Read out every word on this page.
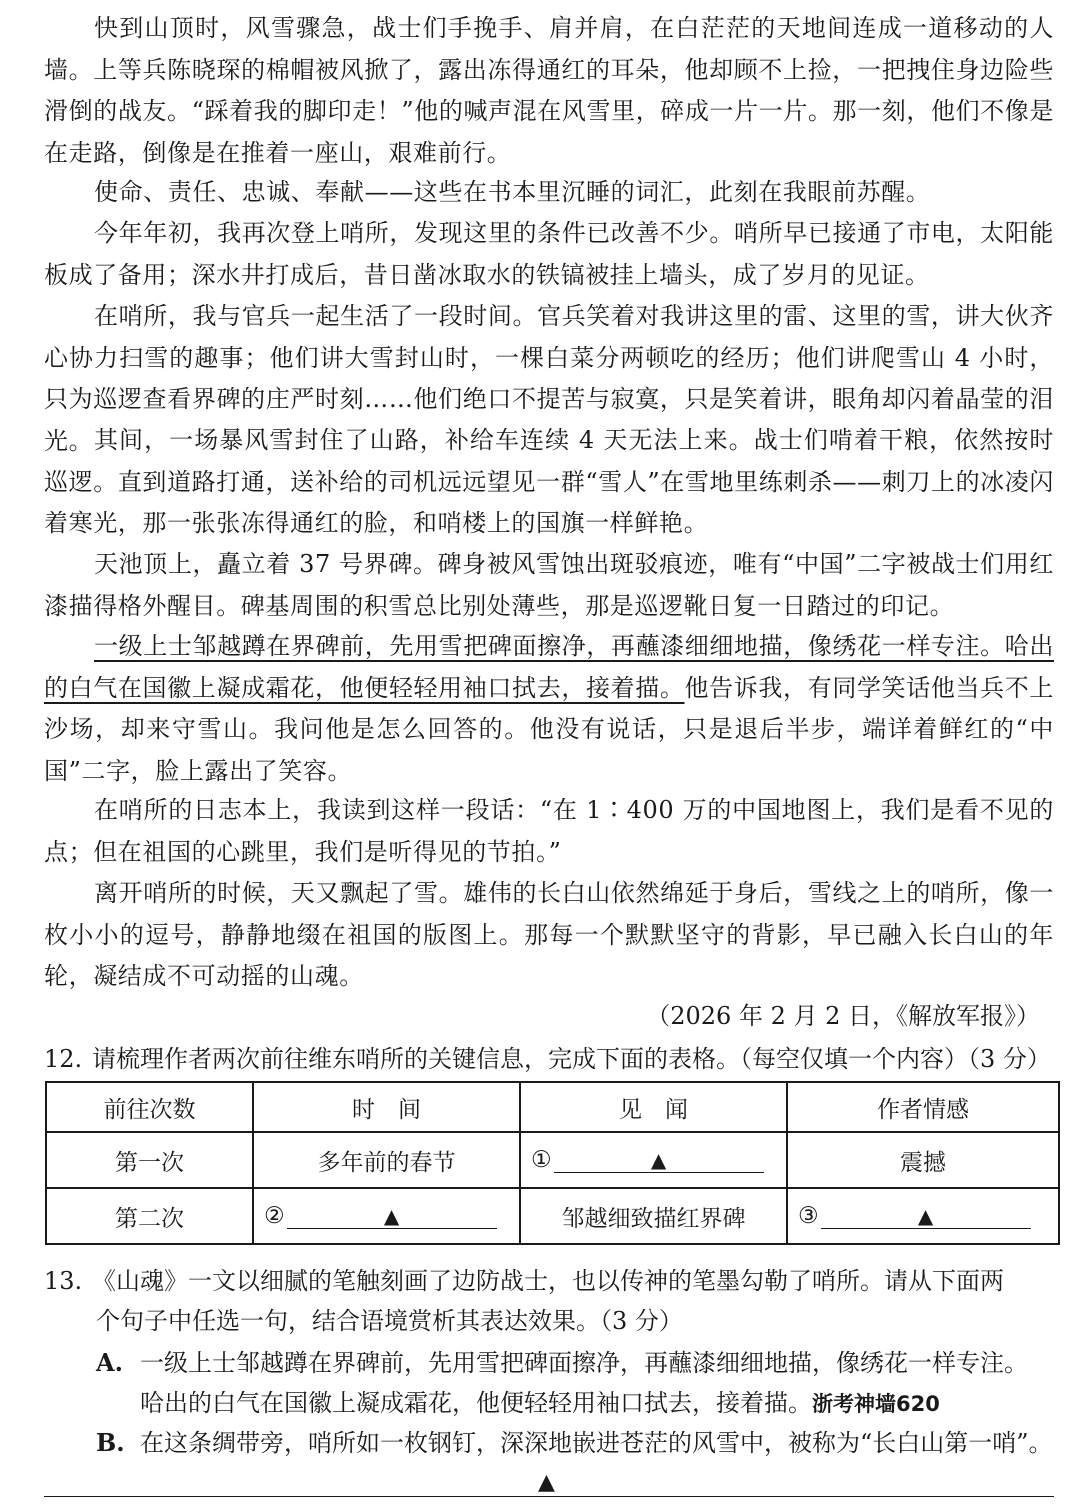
快到山顶时，风雪骤急，战士们手挽手、肩并肩，在白茫茫的天地间连成一道移动的人墙。上等兵陈晓琛的棉帽被风掀了，露出冻得通红的耳朵，他却顾不上捡，一把拽住身边险些滑倒的战友。“踩着我的脚印走！”他的喊声混在风雪里，碎成一片一片。那一刻，他们不像是在走路，倒像是在推着一座山，艰难前行。
使命、责任、忠诚、奉献——这些在书本里沉睡的词汇，此刻在我眼前苏醒。
今年年初，我再次登上哨所，发现这里的条件已改善不少。哨所早已接通了市电，太阳能板成了备用；深水井打成后，昔日凿冰取水的铁镐被挂上墙头，成了岁月的见证。
在哨所，我与官兵一起生活了一段时间。官兵笑着对我讲这里的雷、这里的雪，讲大伙齐心协力扫雪的趣事；他们讲大雪封山时，一棵白菜分两顿吃的经历；他们讲爬雪山 4 小时，只为巡逻查看界碑的庄严时刻……他们绝口不提苦与寂寞，只是笑着讲，眼角却闪着晶莹的泪光。 其间，一场暴风雪封住了山路，补给车连续 4 天无法上来。战士们啃着干粮，依然按时巡逻。直到道路打通，送补给的司机远远望见一群“雪人”在雪地里练刺杀——刺刀上的冰凌闪着寒光，那一张张冻得通红的脸，和哨楼上的国旗一样鲜艳。
天池顶上，矗立着 37 号界碑。碑身被风雪蚀出斑驳痕迹，唯有“中国”二字被战士们用红漆描得格外醒目。碑基周围的积雪总比别处薄些，那是巡逻靴日复一日踏过的印记。
一级上士邹越蹲在界碑前，先用雪把碑面擦净，再蘸漆细细地描，像绣花一样专注。哈出的白气在国徽上凝成霜花，他便轻轻用袖口拭去，接着描。他告诉我，有同学笑话他当兵不上沙场，却来守雪山。我问他是怎么回答的。他没有说话，只是退后半步，端详着鲜红的“中国”二字，脸上露出了笑容。
在哨所的日志本上，我读到这样一段话：“在 1∶400 万的中国地图上，我们是看不见的点；但在祖国的心跳里，我们是听得见的节拍。”
离开哨所的时候，天又飘起了雪。雄伟的长白山依然绵延于身后，雪线之上的哨所，像一枚小小的逗号，静静地缀在祖国的版图上。那每一个默默坚守的背影，早已融入长白山的年轮，凝结成不可动摇的山魂。
（2026 年 2 月 2 日，《解放军报》）
12. 请梳理作者两次前往维东哨所的关键信息，完成下面的表格。（每空仅填一个内容）（3 分）
前往次数	时　间	见　闻	作者情感
第一次	多年前的春节	① ▲	震撼
第二次	② ▲	邹越细致描红界碑	③ ▲
13. 《山魂》一文以细腻的笔触刻画了边防战士，也以传神的笔墨勾勒了哨所。请从下面两
个句子中任选一句，结合语境赏析其表达效果。（3 分）
A. 一级上士邹越蹲在界碑前，先用雪把碑面擦净，再蘸漆细细地描，像绣花一样专注。
哈出的白气在国徽上凝成霜花，他便轻轻用袖口拭去，接着描。浙考神墙620
B. 在这条绸带旁，哨所如一枚钢钉，深深地嵌进苍茫的风雪中，被称为“长白山第一哨”。
▲
